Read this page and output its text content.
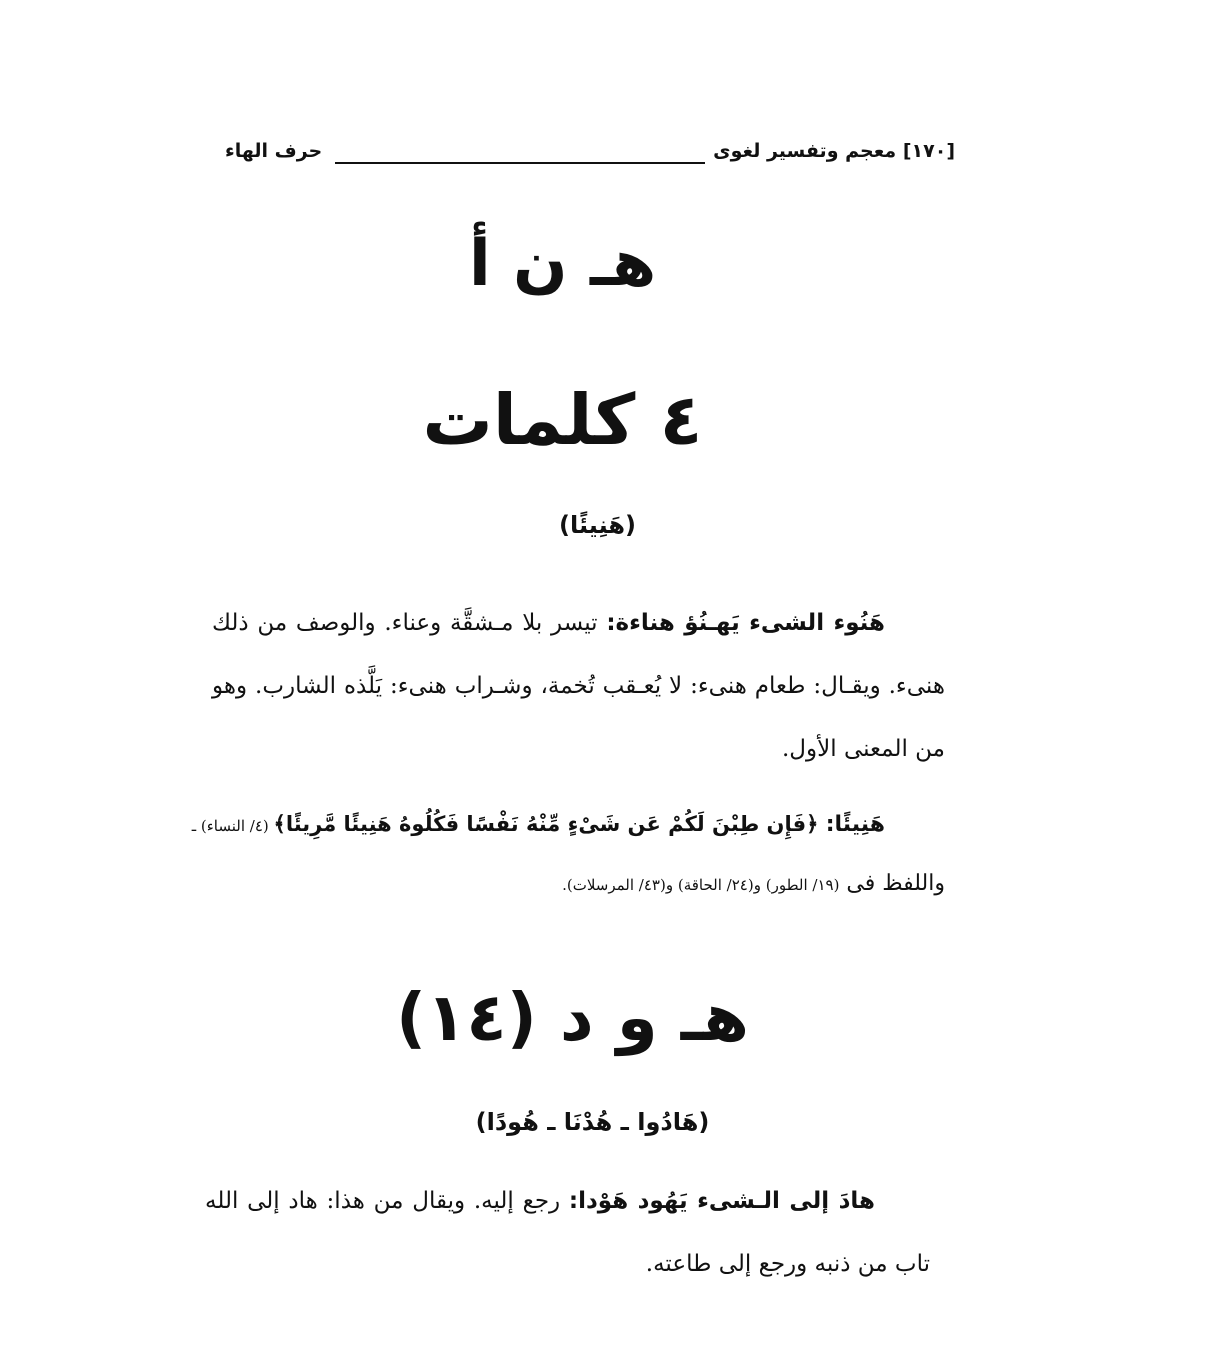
[١٧٠] معجم وتفسير لغوى
حرف الهاء
هـ ن أ
٤ كلمات
(هَنِيئًا)
هَنُوء الشىء يَهـنُؤ هناءة: تيسر بلا مـشقَّة وعناء. والوصف من ذلك هنىء. ويقـال: طعام هنىء: لا يُعـقب تُخمة، وشـراب هنىء: يَلَّذه الشارب. وهو من المعنى الأول.
هَنِيئًا: ﴿فَإِن طِبْنَ لَكُمْ عَن شَىْءٍ مِّنْهُ نَفْسًا فَكُلُوهُ هَنِيئًا مَّرِيئًا﴾ (٤/ النساء) ـ
واللفظ فى (١٩/ الطور) و(٢٤/ الحاقة) و(٤٣/ المرسلات).
هـ و د (١٤)
(هَادُوا ـ هُدْنَا ـ هُودًا)
هادَ إلى الـشىء يَهُود هَوْدا: رجع إليه. ويقال من هذا: هاد إلى الله تاب من ذنبه ورجع إلى طاعته.
